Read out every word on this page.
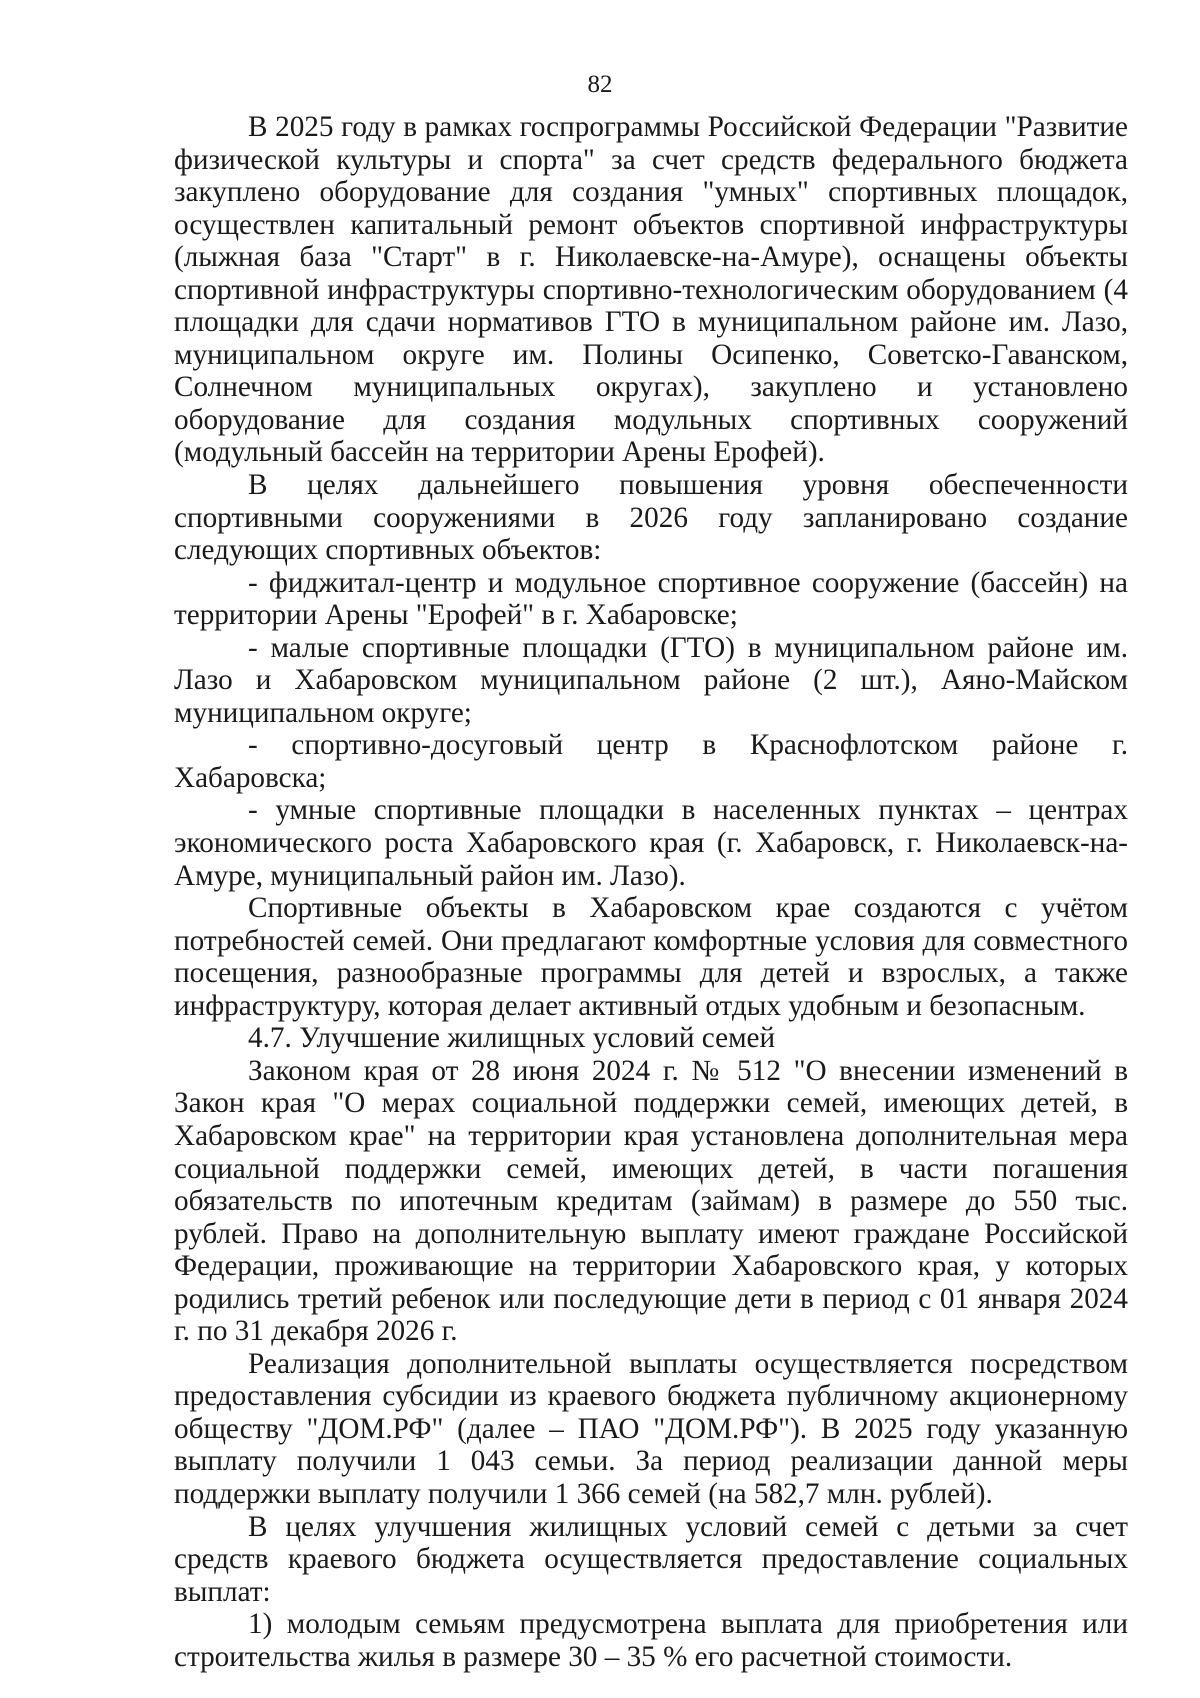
82

В 2025 году в рамках госпрограммы Российской Федерации "Развитие физической культуры и спорта" за счет средств федерального бюджета закуплено оборудование для создания "умных" спортивных площадок, осуществлен капитальный ремонт объектов спортивной инфраструктуры (лыжная база "Старт" в г. Николаевске-на-Амуре), оснащены объекты спортивной инфраструктуры спортивно-технологическим оборудованием (4 площадки для сдачи нормативов ГТО в муниципальном районе им. Лазо, муниципальном округе им. Полины Осипенко, Советско-Гаванском, Солнечном муниципальных округах), закуплено и установлено оборудование для создания модульных спортивных сооружений (модульный бассейн на территории Арены Ерофей).

В целях дальнейшего повышения уровня обеспеченности спортивными сооружениями в 2026 году запланировано создание следующих спортивных объектов:

- фиджитал-центр и модульное спортивное сооружение (бассейн) на территории Арены "Ерофей" в г. Хабаровске;

- малые спортивные площадки (ГТО) в муниципальном районе им. Лазо и Хабаровском муниципальном районе (2 шт.), Аяно-Майском муниципальном округе;

- спортивно-досуговый центр в Краснофлотском районе г. Хабаровска;

- умные спортивные площадки в населенных пунктах – центрах экономического роста Хабаровского края (г. Хабаровск, г. Николаевск-на-Амуре, муниципальный район им. Лазо).

Спортивные объекты в Хабаровском крае создаются с учётом потребностей семей. Они предлагают комфортные условия для совместного посещения, разнообразные программы для детей и взрослых, а также инфраструктуру, которая делает активный отдых удобным и безопасным.

4.7. Улучшение жилищных условий семей

Законом края от 28 июня 2024 г. № 512 "О внесении изменений в Закон края "О мерах социальной поддержки семей, имеющих детей, в Хабаровском крае" на территории края установлена дополнительная мера социальной поддержки семей, имеющих детей, в части погашения обязательств по ипотечным кредитам (займам) в размере до 550 тыс. рублей. Право на дополнительную выплату имеют граждане Российской Федерации, проживающие на территории Хабаровского края, у которых родились третий ребенок или последующие дети в период с 01 января 2024 г. по 31 декабря 2026 г.

Реализация дополнительной выплаты осуществляется посредством предоставления субсидии из краевого бюджета публичному акционерному обществу "ДОМ.РФ" (далее – ПАО "ДОМ.РФ"). В 2025 году указанную выплату получили 1 043 семьи. За период реализации данной меры поддержки выплату получили 1 366 семей (на 582,7 млн. рублей).

В целях улучшения жилищных условий семей с детьми за счет средств краевого бюджета осуществляется предоставление социальных выплат:

1) молодым семьям предусмотрена выплата для приобретения или строительства жилья в размере 30 – 35 % его расчетной стоимости.
